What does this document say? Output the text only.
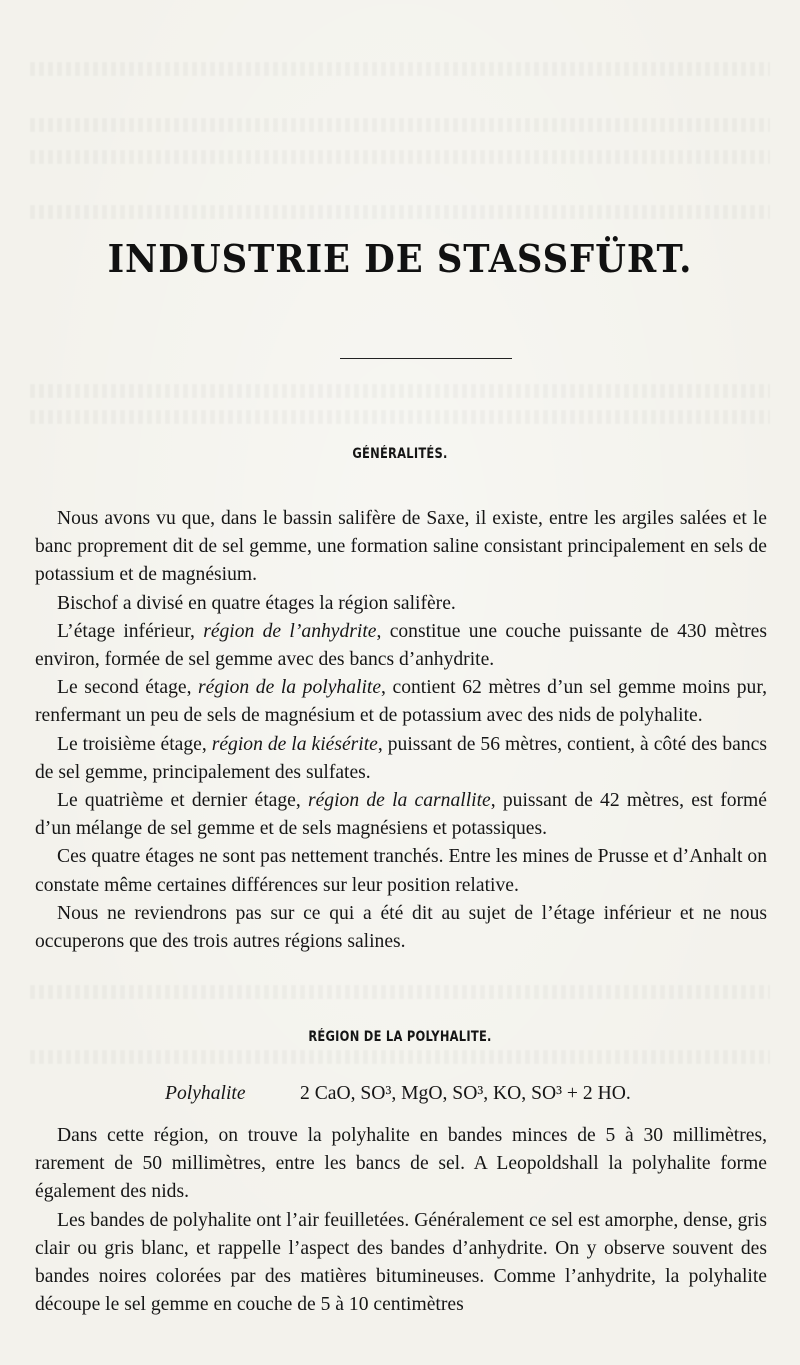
INDUSTRIE DE STASSFÜRT.
GÉNÉRALITÉS.

Nous avons vu que, dans le bassin salifère de Saxe, il existe, entre les argiles salées et le banc proprement dit de sel gemme, une formation saline consistant principalement en sels de potassium et de magnésium.

Bischof a divisé en quatre étages la région salifère.

L’étage inférieur, région de l’anhydrite, constitue une couche puissante de 430 mètres environ, formée de sel gemme avec des bancs d’anhydrite.

Le second étage, région de la polyhalite, contient 62 mètres d’un sel gemme moins pur, renfermant un peu de sels de magnésium et de potassium avec des nids de polyhalite.

Le troisième étage, région de la kiésérite, puissant de 56 mètres, contient, à côté des bancs de sel gemme, principalement des sulfates.

Le quatrième et dernier étage, région de la carnallite, puissant de 42 mètres, est formé d’un mélange de sel gemme et de sels magnésiens et potassiques.

Ces quatre étages ne sont pas nettement tranchés. Entre les mines de Prusse et d’Anhalt on constate même certaines différences sur leur position relative.

Nous ne reviendrons pas sur ce qui a été dit au sujet de l’étage inférieur et ne nous occuperons que des trois autres régions salines.

RÉGION DE LA POLYHALITE.
Polyhalite	2 CaO, SO³, MgO, SO³, KO, SO³ + 2 HO.

Dans cette région, on trouve la polyhalite en bandes minces de 5 à 30 millimètres, rarement de 50 millimètres, entre les bancs de sel. A Leopoldshall la polyhalite forme également des nids.

Les bandes de polyhalite ont l’air feuilletées. Généralement ce sel est amorphe, dense, gris clair ou gris blanc, et rappelle l’aspect des bandes d’anhydrite. On y observe souvent des bandes noires colorées par des matières bitumineuses. Comme l’anhydrite, la polyhalite découpe le sel gemme en couche de 5 à 10 centimètres
